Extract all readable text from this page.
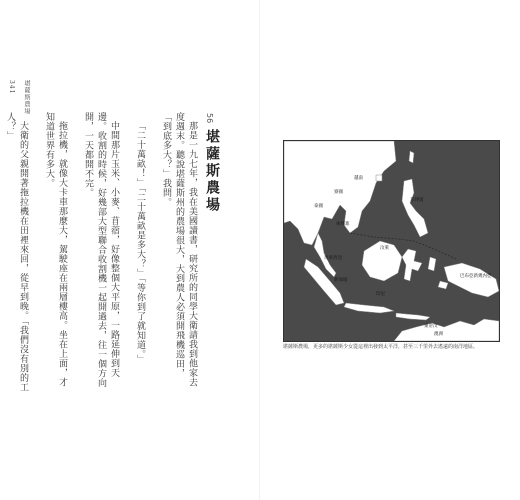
341 堪薩斯農場

那是一九七年，我在美國讀書，研究所的同學大衛請我到他家去度週末。聽說堪薩斯州的農場很大，大到農人必須開飛機巡田，「到底多大？」我問。

「二十萬畝！」「二十萬畝是多大？」「等你到了就知道。」

中間那片玉米、小麥、苜蓿，好像整個大平原，一路延伸到天邊。收割的時候，好幾部大型聯合收割機一起開過去，往一個方向開，一天都開不完。

拖拉機，就像大卡車那麼大，駕駛座在兩層樓高。坐在上面，才知道世界有多大。

大衛的父親開著拖拉機在田裡來回，從早到晚。「我們沒有別的工人？」	56
堪薩斯農場	越南
泰國
寮國
柬埔寨
馬來西亞
新加坡
印尼
菲律賓
汶萊
東帝汶
巴布亞新幾內亞
澳洲
堪薩斯農場，更多的堪薩斯少女從這裡出發到太平洋，甚至三千里外去遙遠的南洋地區。
